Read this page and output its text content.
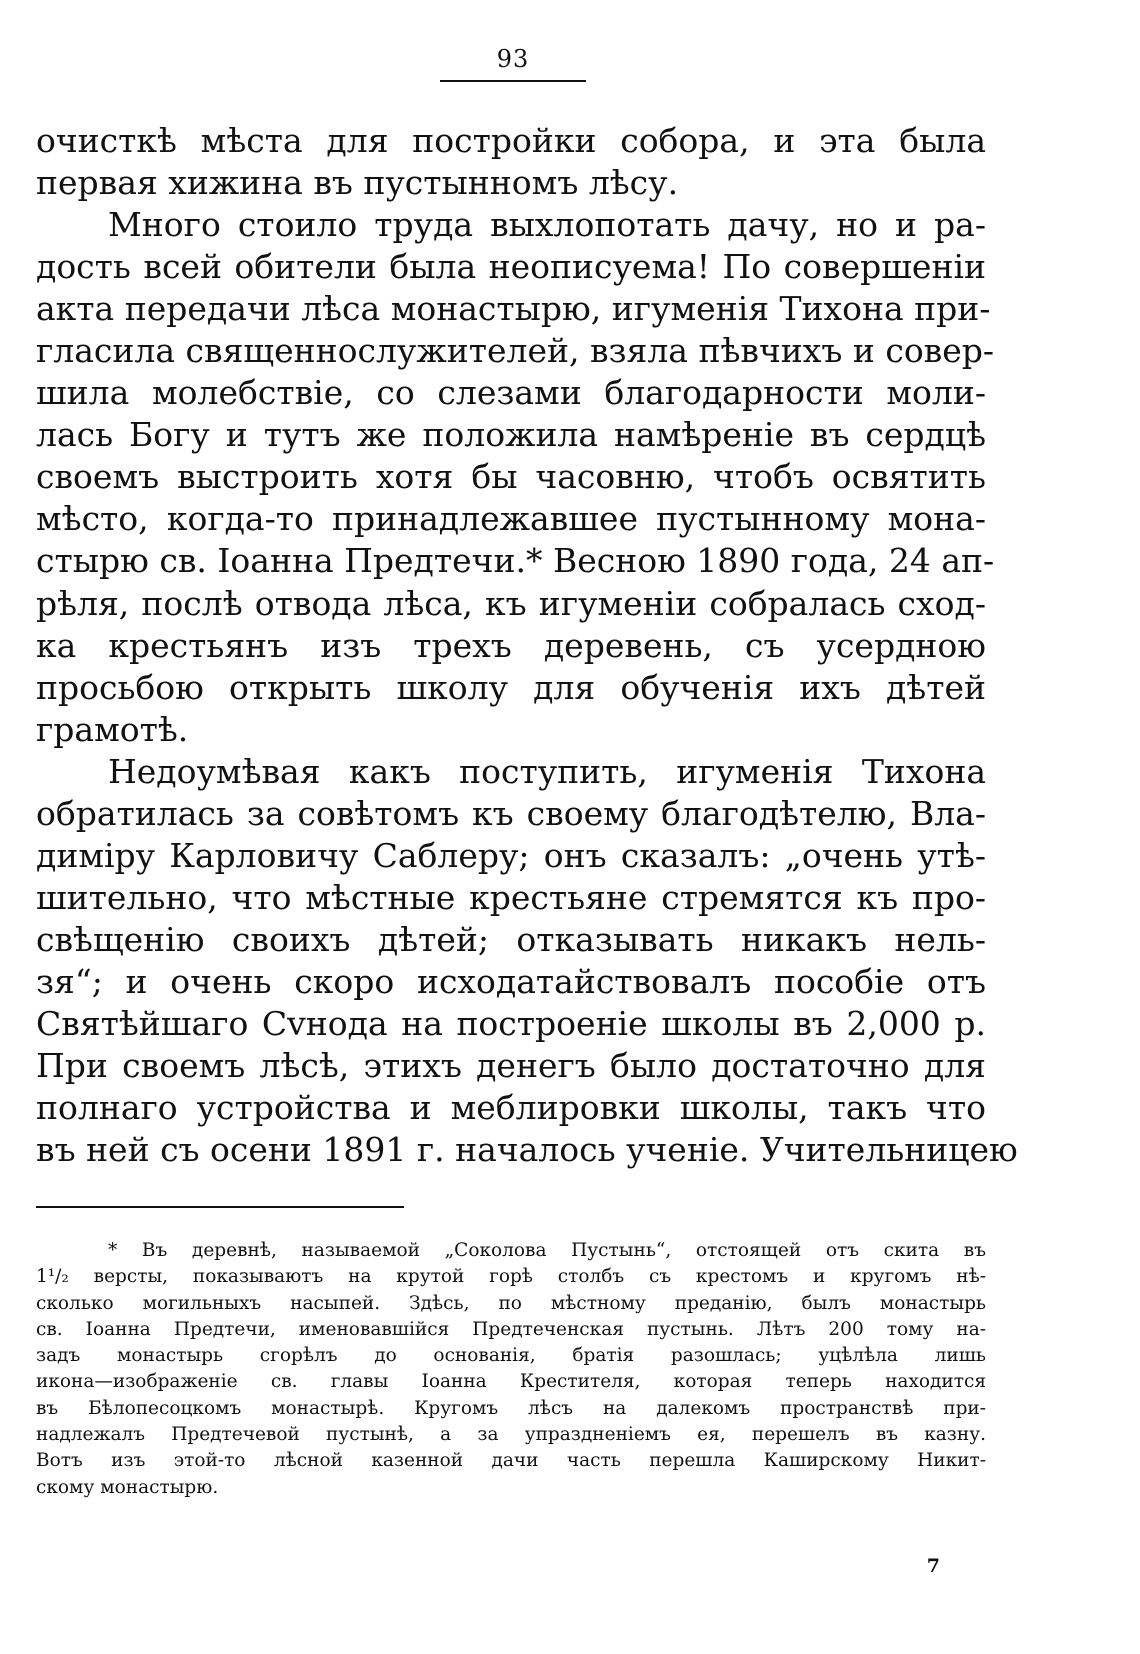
93
очисткѣ мѣста для постройки собора, и эта была
первая хижина въ пустынномъ лѣсу.
Много стоило труда выхлопотать дачу, но и ра-
дость всей обители была неописуема! По совершеніи
акта передачи лѣса монастырю, игуменія Тихона при-
гласила священнослужителей, взяла пѣвчихъ и совер-
шила молебствіе, со слезами благодарности моли-
лась Богу и тутъ же положила намѣреніе въ сердцѣ
своемъ выстроить хотя бы часовню, чтобъ освятить
мѣсто, когда-то принадлежавшее пустынному мона-
стырю св. Іоанна Предтечи.* Весною 1890 года, 24 ап-
рѣля, послѣ отвода лѣса, къ игуменіи собралась сход-
ка крестьянъ изъ трехъ деревень, съ усердною
просьбою открыть школу для обученія ихъ дѣтей
грамотѣ.
Недоумѣвая какъ поступить, игуменія Тихона
обратилась за совѣтомъ къ своему благодѣтелю, Вла-
диміру Карловичу Саблеру; онъ сказалъ: „очень утѣ-
шительно, что мѣстные крестьяне стремятся къ про-
свѣщенію своихъ дѣтей; отказывать никакъ нель-
зя“; и очень скоро исходатайствовалъ пособіе отъ
Святѣйшаго Сvнода на построеніе школы въ 2,000 р.
При своемъ лѣсѣ, этихъ денегъ было достаточно для
полнаго устройства и меблировки школы, такъ что
въ ней съ осени 1891 г. началось ученіе. Учительницею
* Въ деревнѣ, называемой „Соколова Пустынь“, отстоящей отъ скита въ
1¹/₂ версты, показываютъ на крутой горѣ столбъ съ крестомъ и кругомъ нѣ-
сколько могильныхъ насыпей. Здѣсь, по мѣстному преданію, былъ монастырь
св. Іоанна Предтечи, именовавшійся Предтеченская пустынь. Лѣтъ 200 тому на-
задъ монастырь сгорѣлъ до основанія, братія разошлась; уцѣлѣла лишь
икона—изображеніе св. главы Іоанна Крестителя, которая теперь находится
въ Бѣлопесоцкомъ монастырѣ. Кругомъ лѣсъ на далекомъ пространствѣ при-
надлежалъ Предтечевой пустынѣ, а за упраздненіемъ ея, перешелъ въ казну.
Вотъ изъ этой-то лѣсной казенной дачи часть перешла Каширскому Никит-
скому монастырю.
7
